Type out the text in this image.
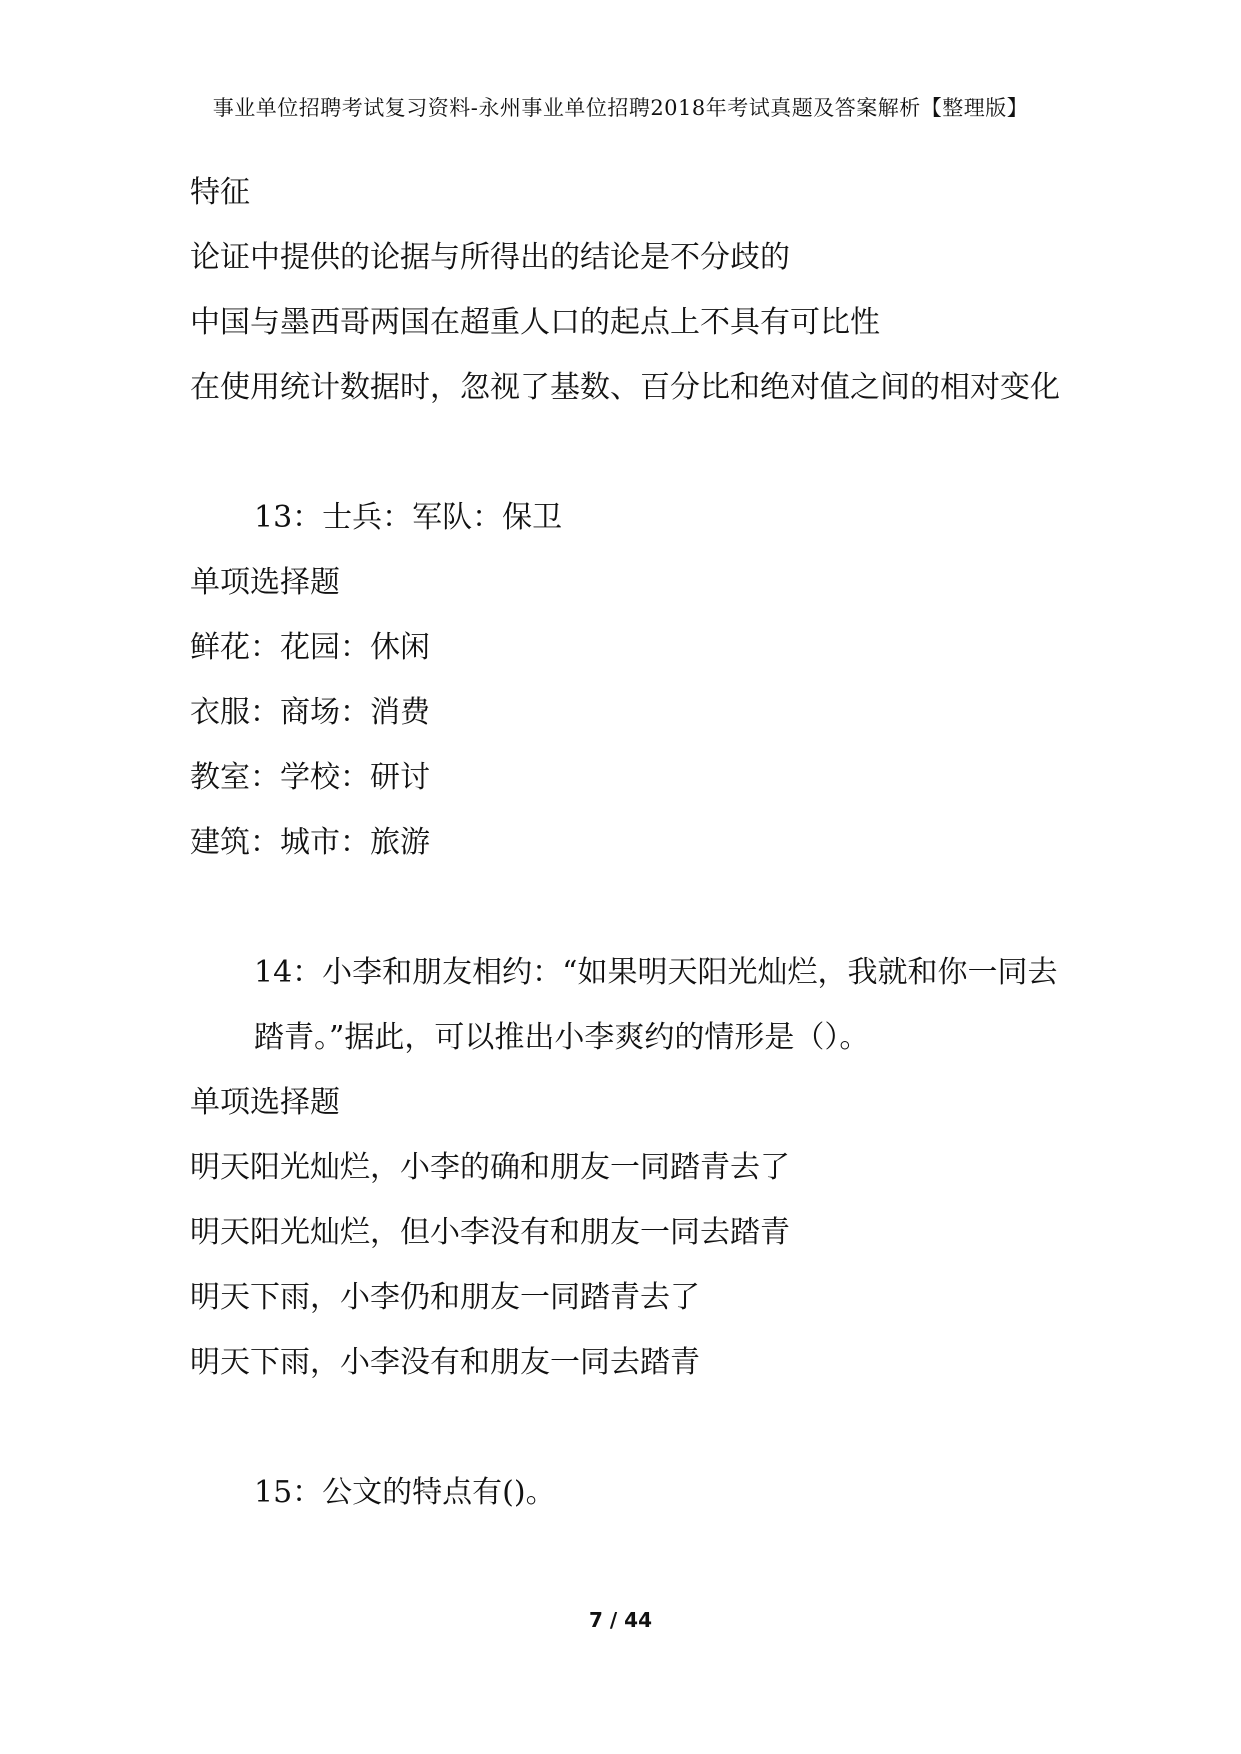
事业单位招聘考试复习资料-永州事业单位招聘2018年考试真题及答案解析【整理版】
特征
论证中提供的论据与所得出的结论是不分歧的
中国与墨西哥两国在超重人口的起点上不具有可比性
在使用统计数据时，忽视了基数、百分比和绝对值之间的相对变化
13：士兵：军队：保卫
单项选择题
鲜花：花园：休闲
衣服：商场：消费
教室：学校：研讨
建筑：城市：旅游
14：小李和朋友相约：“如果明天阳光灿烂，我就和你一同去踏青。”据此，可以推出小李爽约的情形是（）。
单项选择题
明天阳光灿烂，小李的确和朋友一同踏青去了
明天阳光灿烂，但小李没有和朋友一同去踏青
明天下雨，小李仍和朋友一同踏青去了
明天下雨，小李没有和朋友一同去踏青
15：公文的特点有()。
7 / 44
